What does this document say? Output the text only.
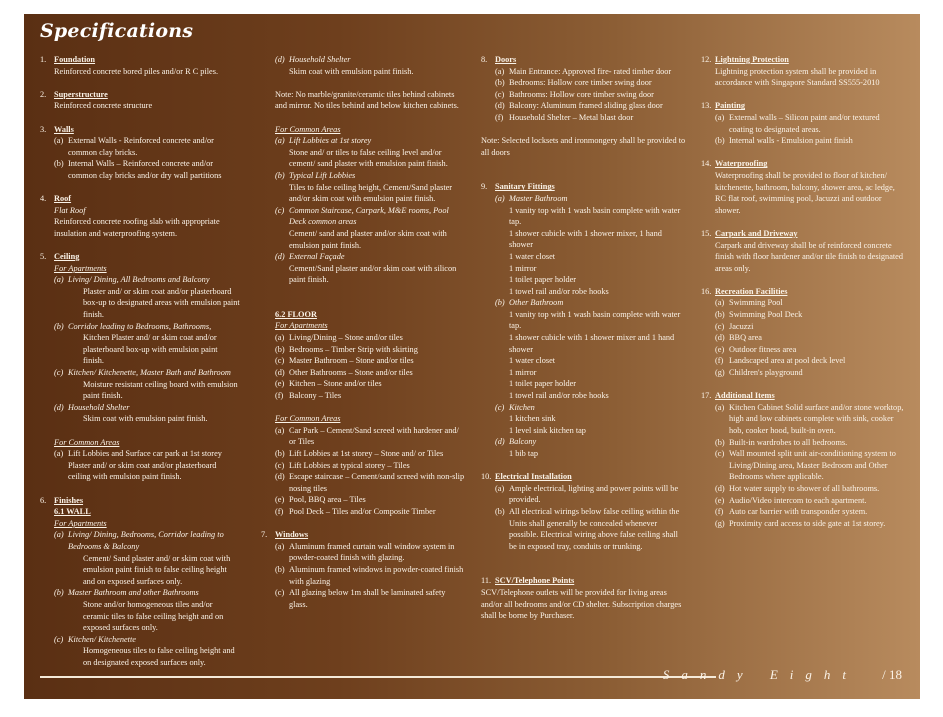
Specifications
1. Foundation
Reinforced concrete bored piles and/or R C piles.
2. Superstructure
Reinforced concrete structure
3. Walls
(a) External Walls - Reinforced concrete and/or common clay bricks.
(b) Internal Walls – Reinforced concrete and/or common clay bricks and/or dry wall partitions
4. Roof
Flat Roof
Reinforced concrete roofing slab with appropriate insulation and waterproofing system.
5. Ceiling
For Apartments
(a) Living/ Dining, All Bedrooms and Balcony
Plaster and/ or skim coat and/or plasterboard box-up to designated areas with emulsion paint finish.
(b) Corridor leading to Bedrooms, Bathrooms,
Kitchen Plaster and/ or skim coat and/or plasterboard box-up with emulsion paint finish.
(c) Kitchen/ Kitchenette, Master Bath and Bathroom
Moisture resistant ceiling board with emulsion paint finish.
(d) Household Shelter
Skim coat with emulsion paint finish.
For Common Areas
(a) Lift Lobbies and Surface car park at 1st storey Plaster and/ or skim coat and/or plasterboard ceiling with emulsion paint finish.
6. Finishes
6.1 WALL
For Apartments
(a) Living/ Dining, Bedrooms, Corridor leading to Bedrooms & Balcony
Cement/ Sand plaster and/ or skim coat with emulsion paint finish to false ceiling height and on exposed surfaces only.
(b) Master Bathroom and other Bathrooms
Stone and/or homogeneous tiles and/or ceramic tiles to false ceiling height and on exposed surfaces only.
(c) Kitchen/ Kitchenette
Homogeneous tiles to false ceiling height and on designated exposed surfaces only.
(d) Household Shelter
Skim coat with emulsion paint finish.
Note: No marble/granite/ceramic tiles behind cabinets and mirror. No tiles behind and below kitchen cabinets.
For Common Areas
(a) Lift Lobbies at 1st storey
Stone and/ or tiles to false ceiling level and/or cement/ sand plaster with emulsion paint finish.
(b) Typical Lift Lobbies
Tiles to false ceiling height, Cement/Sand plaster and/or skim coat with emulsion paint finish.
(c) Common Staircase, Carpark, M&E rooms, Pool Deck common areas
Cement/ sand and plaster and/or skim coat with emulsion paint finish.
(d) External Façade
Cement/Sand plaster and/or skim coat with silicon paint finish.
6.2 FLOOR
For Apartments
(a) Living/Dining – Stone and/or tiles
(b) Bedrooms – Timber Strip with skirting
(c) Master Bathroom – Stone and/or tiles
(d) Other Bathrooms – Stone and/or tiles
(e) Kitchen – Stone and/or tiles
(f) Balcony – Tiles
For Common Areas
(a) Car Park – Cement/Sand screed with hardener and/ or Tiles
(b) Lift Lobbies at 1st storey – Stone and/ or Tiles
(c) Lift Lobbies at typical storey – Tiles
(d) Escape staircase – Cement/sand screed with non-slip nosing tiles
(e) Pool, BBQ area – Tiles
(f) Pool Deck – Tiles and/or Composite Timber
7. Windows
(a) Aluminum framed curtain wall window system in powder-coated finish with glazing.
(b) Aluminum framed windows in powder-coated finish with glazing
(c) All glazing below 1m shall be laminated safety glass.
8. Doors
(a) Main Entrance: Approved fire- rated timber door
(b) Bedrooms: Hollow core timber swing door
(c) Bathrooms: Hollow core timber swing door
(d) Balcony: Aluminum framed sliding glass door
(f) Household Shelter – Metal blast door
Note: Selected locksets and ironmongery shall be provided to all doors
9. Sanitary Fittings
(a) Master Bathroom
1 vanity top with 1 wash basin complete with water tap.
1 shower cubicle with 1 shower mixer, 1 hand shower
1 water closet
1 mirror
1 toilet paper holder
1 towel rail and/or robe hooks
(b) Other Bathroom
1 vanity top with 1 wash basin complete with water tap.
1 shower cubicle with 1 shower mixer and 1 hand shower
1 water closet
1 mirror
1 toilet paper holder
1 towel rail and/or robe hooks
(c) Kitchen
1 kitchen sink
1 level sink kitchen tap
(d) Balcony
1 bib tap
10. Electrical Installation
(a) Ample electrical, lighting and power points will be provided.
(b) All electrical wirings below false ceiling within the Units shall generally be concealed whenever possible. Electrical wiring above false ceiling shall be in exposed tray, conduits or trunking.
11. SCV/Telephone Points
SCV/Telephone outlets will be provided for living areas and/or all bedrooms and/or CD shelter. Subscription charges shall be borne by Purchaser.
12. Lightning Protection
Lightning protection system shall be provided in accordance with Singapore Standard SS555-2010
13. Painting
(a) External walls – Silicon paint and/or textured coating to designated areas.
(b) Internal walls - Emulsion paint finish
14. Waterproofing
Waterproofing shall be provided to floor of kitchen/ kitchenette, bathroom, balcony, shower area, ac ledge, RC flat roof, swimming pool, Jacuzzi and outdoor shower.
15. Carpark and Driveway
Carpark and driveway shall be of reinforced concrete finish with floor hardener and/or tile finish to designated areas only.
16. Recreation Facilities
(a) Swimming Pool
(b) Swimming Pool Deck
(c) Jacuzzi
(d) BBQ area
(e) Outdoor fitness area
(f) Landscaped area at pool deck level
(g) Children's playground
17. Additional Items
(a) Kitchen Cabinet Solid surface and/or stone worktop, high and low cabinets complete with sink, cooker hob, cooker hood, built-in oven.
(b) Built-in wardrobes to all bedrooms.
(c) Wall mounted split unit air-conditioning system to Living/Dining area, Master Bedroom and Other Bedrooms where applicable.
(d) Hot water supply to shower of all bathrooms.
(e) Audio/Video intercom to each apartment.
(f) Auto car barrier with transponder system.
(g) Proximity card access to side gate at 1st storey.
Sandy Eight / 18
